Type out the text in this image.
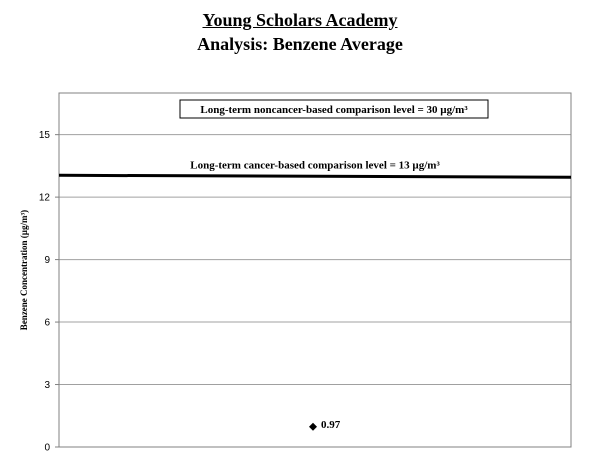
Young Scholars Academy
Analysis: Benzene Average
0
3
6
9
12
15
Long-term cancer-based comparison level = 13 µg/m³
Long-term noncancer-based comparison level = 30 µg/m³
0.97
Benzene Concentration (µg/m³)
